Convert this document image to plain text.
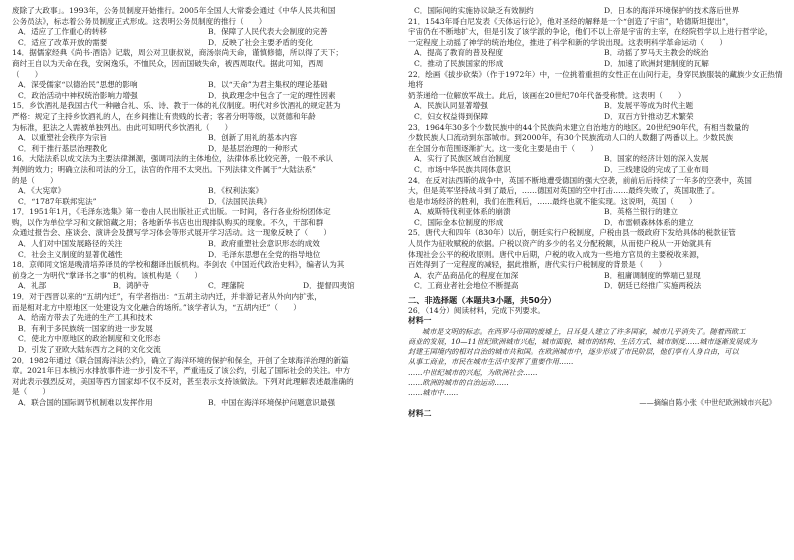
废除了大政事」。1993年，公务员制度开始推行。2005年全国人大常委会通过《中华人民共和国
公务员法》，标志着公务员制度正式形成。这表明公务员制度的推行（　　）
A．适应了工作重心的转移	B．保障了人民代表大会制度的完善
C．适应了改革开放的需要	D．反映了社会主要矛盾的变化
14．据儒家经典《尚书·酒诰》记载，周公对卫康叔说，商汤崇尚天命，谨慎修德，所以得了天下；
商纣王自以为天命在我，安闲逸乐，不恤民众，因而国破失命，被西周取代。据此可知，西周
（　　）
A．深受儒家“以德治民”思想的影响	B．以“天命”为君主集权的理论基础
C．政治活动中神权统治影响力增强	D．执政理念中包含了一定的理性因素
15．乡饮酒礼是我国古代一种融合礼、乐、诗、教于一体的礼仪制度。明代对乡饮酒礼的规定甚为
严格：规定了主持乡饮酒礼的人，在乡间推让有贵贱的长者；客者分明等级，以贤德和年龄
为标准，犯法之人需被单独列出。由此可知明代乡饮酒礼（　　）
A．以重塑社会秩序为宗旨	B．创新了用礼的基本内容
C．利于推行基层治理教化	D．是基层治理的一种形式
16．大陆法系以成文法为主要法律渊源，强调司法的主体地位，法律体系比较完善，一般不承认
判例的效力；明确立法和司法的分工，法官的作用不太突出。下列法律文件属于“大陆法系”
的是（　　）
A．《大宪章》	B．《权利法案》
C．“1787年联邦宪法”	D．《法国民法典》
17．1951年1月，《毛泽东选集》第一卷由人民出版社正式出版。一时间，各行各业纷纷团体定
购，以作为单位学习和文献馆藏之用；各地新华书店也出现排队购买的现象。不久，干部和群
众通过报告会、座谈会、演讲会及撰写学习体会等形式展开学习活动。这一现象反映了（　　）
A．人们对中国发展路径的关注	B．政府重塑社会意识形态的成效
C．社会主义制度的显著优越性	D．毛泽东思想在全党的指导地位
18．京师同文馆是晚清培养译员的学校和翻译出版机构。李剑农《中国近代政治史料》，编者认为其
前身之一为明代“掌译书之事”的机构。该机构是（　　）
A．礼部	B．鸿胪寺	C．理藩院	D．提督四夷馆
19．对于西晋以来的“五胡内迁”，有学者指出：“五胡主动内迁，并非游记者从外向内扩张，
而是相对北方中原地区一处建设为文化融合的场所。”该学者认为，“五胡内迁”（　　）
A．给南方带去了先进的生产工具和技术
B．有利于多民族统一国家的进一步发展
C．使北方中原地区的政治制度和文化形态
D．引发了亚欧大陆东西方之间的文化交流
20．1982年通过《联合国海洋法公约》，确立了海洋环境的保护和保全，开创了全球海洋治理的新篇
章。2021年日本核污水排放事件进一步引发不平，严重违反了该公约，引起了国际社会的关注。中方
对此表示强烈反对，美国等西方国家却不仅不反对，甚至表示支持该做法。下列对此理解表述最准确的
是（　　）
A．联合国的国际调节机制难以发挥作用	B．中国在海洋环境保护问题意识最强
C．国际间的实施协议缺乏有效制约	D．日本的海洋环境保护的技术落后世界
21．1543年哥白尼发表《天体运行论》，他对圣经的解释是一个“创造了宇宙”，哈德斯坦提出”，
宇宙仍在不断地扩大，但是引发了该学派的争论，他们不以上帝是宇宙的主宰，在经院哲学以上进行哲学论，
一定程度上动摇了神学的统治地位，推进了科学和新的学说出现。这表明科学革命运动（　　）
A．提高了教育的普及程度	B．动摇了罗马天主教会的统治
C．推动了民族国家的形成	D．加速了欧洲封建制度的瓦解
22．绘画《拔步砍柴》（作于1972年）中，一位挑着重担的女性正在山间行走，身穿民族服装的藏族少女正热情地将
奶茶递给一位解放军战士。此后，该画在20世纪70年代备受称赞。这表明（　　）
A．民族认同显著增强	B．发展平等成为时代主题
C．妇女权益得到保障	D．双百方针推动艺术繁荣
23．1964年30多个少数民族中的44个民族尚未建立自治地方的地区。20世纪90年代，有相当数量的
少数民族人口流动到东部城市。到2000年，有30个民族流动人口的人数翻了两番以上。少数民族
在全国分布范围逐渐扩大。这一变化主要是由于（　　）
A．实行了民族区域自治制度	B．国家的经济计划的深入发展
C．市场中华民族共同体意识	D．三线建设的完成了工业布局
24．在反对法西斯的战争中，英国不断地遭受德国的强大空袭，前前后后持续了一年多的空袭中，英国
大，但是英军坚持战斗到了最后，……德国对英国的空中打击……最终失败了，英国取胜了。
也是市场经济的胜利，我们在胜利后，……最终也就不能实现。这说明，英国（　　）
A．威斯特伐利亚体系的崩溃	B．英格兰银行的建立
C．国际金本位制度的形成	D．布雷顿森林体系的建立
25．唐代大和四年（830年）以后，朝廷实行户税制度，户税由县一级政府下发给具体的税款征管
人员作为征收赋税的依据。户税以资产的多少的名义分配税额，从而使户税从一开始就具有
体现社会公平的税收原则。唐代中后期，户税的收入成为一些地方官员的主要税收来源，
百姓得到了一定程度的减轻，据此推断，唐代实行户税制度的背景是（　　）
A．农产品商品化的程度在加深	B．租庸调制度的弊端已显现
C．工商业者社会地位不断提高	D．朝廷已经推广实施两税法
二、非选择题（本题共3小题，共50分）
26．（14分）阅读材料，完成下列要求。
材料一
城市是文明的标志。在西罗马帝国的废墟上，日耳曼人建立了许多国家，城市几乎消失了。随着西欧工
商业的发展，10—11世纪欧洲城市兴起，城市面貌、城市的结构、生活方式、城市制度……城市逐渐发展成为
封建王国境内的相对自治的城市共和国。在欧洲城市中，逐步形成了市民阶层，他们享有人身自由，可以
从事工商业，市民在城市生活中发挥了重要作用……
……中世纪城市的兴起，为欧洲社会……
……欧洲的城市的自治运动……
……城市中……
——摘编自陈小张《中世纪欧洲城市兴起》
材料二
